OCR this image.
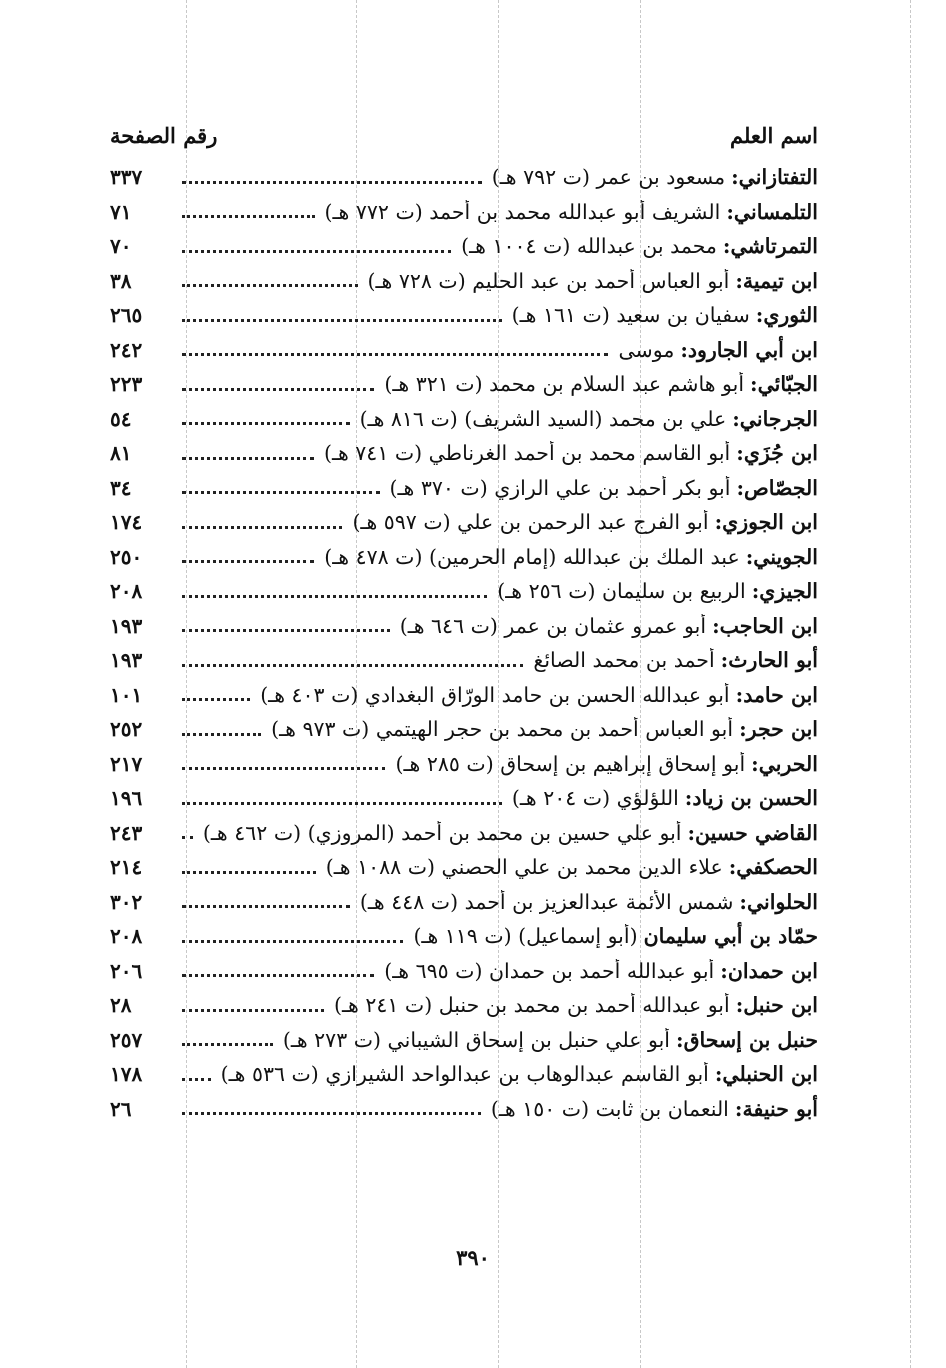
اسم العلم
رقم الصفحة
التفتازاني:
مسعود بن عمر (ت ٧٩٢ هـ)
٣٣٧
التلمساني:
الشريف أبو عبدالله محمد بن أحمد (ت ٧٧٢ هـ)
٧١
التمرتاشي:
محمد بن عبدالله (ت ١٠٠٤ هـ)
٧٠
ابن تيمية:
أبو العباس أحمد بن عبد الحليم (ت ٧٢٨ هـ)
٣٨
الثوري:
سفيان بن سعيد (ت ١٦١ هـ)
٢٦٥
ابن أبي الجارود:
موسى
٢٤٢
الجبّائي:
أبو هاشم عبد السلام بن محمد (ت ٣٢١ هـ)
٢٢٣
الجرجاني:
علي بن محمد (السيد الشريف) (ت ٨١٦ هـ)
٥٤
ابن جُزَي:
أبو القاسم محمد بن أحمد الغرناطي (ت ٧٤١ هـ)
٨١
الجصّاص:
أبو بكر أحمد بن علي الرازي (ت ٣٧٠ هـ)
٣٤
ابن الجوزي:
أبو الفرج عبد الرحمن بن علي (ت ٥٩٧ هـ)
١٧٤
الجويني:
عبد الملك بن عبدالله (إمام الحرمين) (ت ٤٧٨ هـ)
٢٥٠
الجيزي:
الربيع بن سليمان (ت ٢٥٦ هـ)
٢٠٨
ابن الحاجب:
أبو عمرو عثمان بن عمر (ت ٦٤٦ هـ)
١٩٣
أبو الحارث:
أحمد بن محمد الصائغ
١٩٣
ابن حامد:
أبو عبدالله الحسن بن حامد الورّاق البغدادي (ت ٤٠٣ هـ)
١٠١
ابن حجر:
أبو العباس أحمد بن محمد بن حجر الهيتمي (ت ٩٧٣ هـ)
٢٥٢
الحربي:
أبو إسحاق إبراهيم بن إسحاق (ت ٢٨٥ هـ)
٢١٧
الحسن بن زياد:
اللؤلؤي (ت ٢٠٤ هـ)
١٩٦
القاضي حسين:
أبو علي حسين بن محمد بن أحمد (المروزي) (ت ٤٦٢ هـ)
٢٤٣
الحصكفي:
علاء الدين محمد بن علي الحصني (ت ١٠٨٨ هـ)
٢١٤
الحلواني:
شمس الأئمة عبدالعزيز بن أحمد (ت ٤٤٨ هـ)
٣٠٢
حمّاد بن أبي سليمان
(أبو إسماعيل) (ت ١١٩ هـ)
٢٠٨
ابن حمدان:
أبو عبدالله أحمد بن حمدان (ت ٦٩٥ هـ)
٢٠٦
ابن حنبل:
أبو عبدالله أحمد بن محمد بن حنبل (ت ٢٤١ هـ)
٢٨
حنبل بن إسحاق:
أبو علي حنبل بن إسحاق الشيباني (ت ٢٧٣ هـ)
٢٥٧
ابن الحنبلي:
أبو القاسم عبدالوهاب بن عبدالواحد الشيرازي (ت ٥٣٦ هـ)
١٧٨
أبو حنيفة:
النعمان بن ثابت (ت ١٥٠ هـ)
٢٦
٣٩٠
